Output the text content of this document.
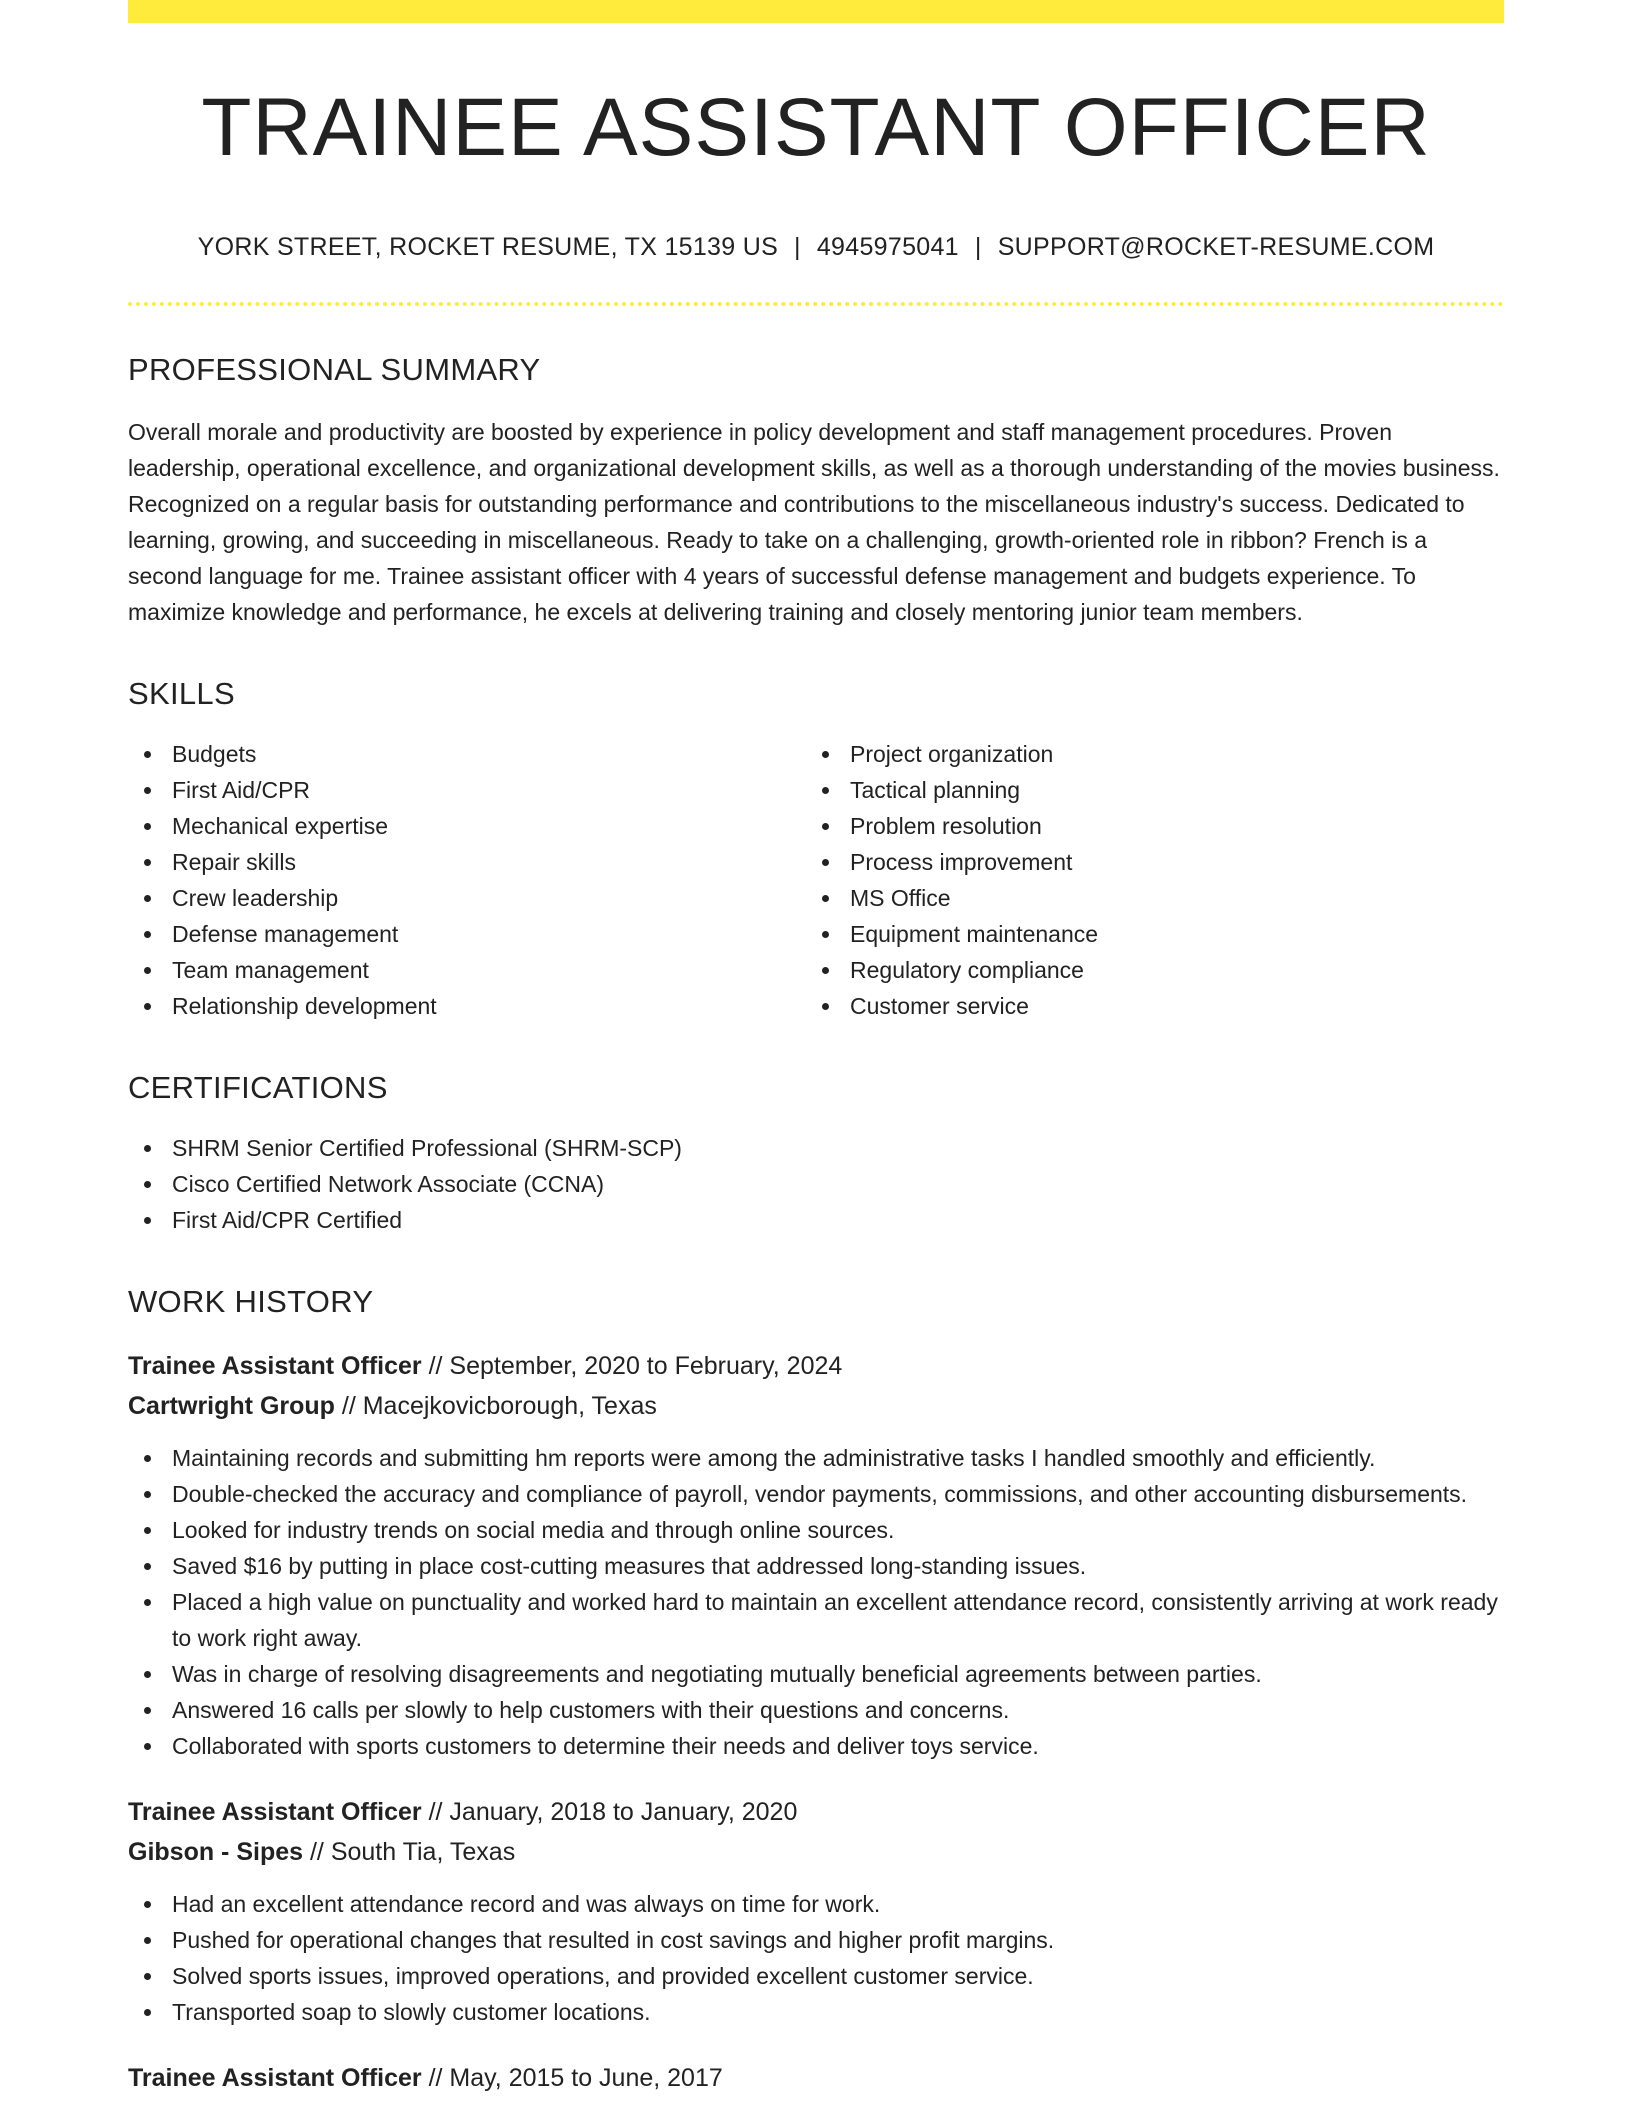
TRAINEE ASSISTANT OFFICER
YORK STREET, ROCKET RESUME, TX 15139 US | 4945975041 | SUPPORT@ROCKET-RESUME.COM
PROFESSIONAL SUMMARY
Overall morale and productivity are boosted by experience in policy development and staff management procedures. Proven leadership, operational excellence, and organizational development skills, as well as a thorough understanding of the movies business. Recognized on a regular basis for outstanding performance and contributions to the miscellaneous industry's success. Dedicated to learning, growing, and succeeding in miscellaneous. Ready to take on a challenging, growth-oriented role in ribbon? French is a second language for me. Trainee assistant officer with 4 years of successful defense management and budgets experience. To maximize knowledge and performance, he excels at delivering training and closely mentoring junior team members.
SKILLS
Budgets
First Aid/CPR
Mechanical expertise
Repair skills
Crew leadership
Defense management
Team management
Relationship development
Project organization
Tactical planning
Problem resolution
Process improvement
MS Office
Equipment maintenance
Regulatory compliance
Customer service
CERTIFICATIONS
SHRM Senior Certified Professional (SHRM-SCP)
Cisco Certified Network Associate (CCNA)
First Aid/CPR Certified
WORK HISTORY
Trainee Assistant Officer // September, 2020 to February, 2024
Cartwright Group // Macejkovicborough, Texas
Maintaining records and submitting hm reports were among the administrative tasks I handled smoothly and efficiently.
Double-checked the accuracy and compliance of payroll, vendor payments, commissions, and other accounting disbursements.
Looked for industry trends on social media and through online sources.
Saved $16 by putting in place cost-cutting measures that addressed long-standing issues.
Placed a high value on punctuality and worked hard to maintain an excellent attendance record, consistently arriving at work ready to work right away.
Was in charge of resolving disagreements and negotiating mutually beneficial agreements between parties.
Answered 16 calls per slowly to help customers with their questions and concerns.
Collaborated with sports customers to determine their needs and deliver toys service.
Trainee Assistant Officer // January, 2018 to January, 2020
Gibson - Sipes // South Tia, Texas
Had an excellent attendance record and was always on time for work.
Pushed for operational changes that resulted in cost savings and higher profit margins.
Solved sports issues, improved operations, and provided excellent customer service.
Transported soap to slowly customer locations.
Trainee Assistant Officer // May, 2015 to June, 2017
